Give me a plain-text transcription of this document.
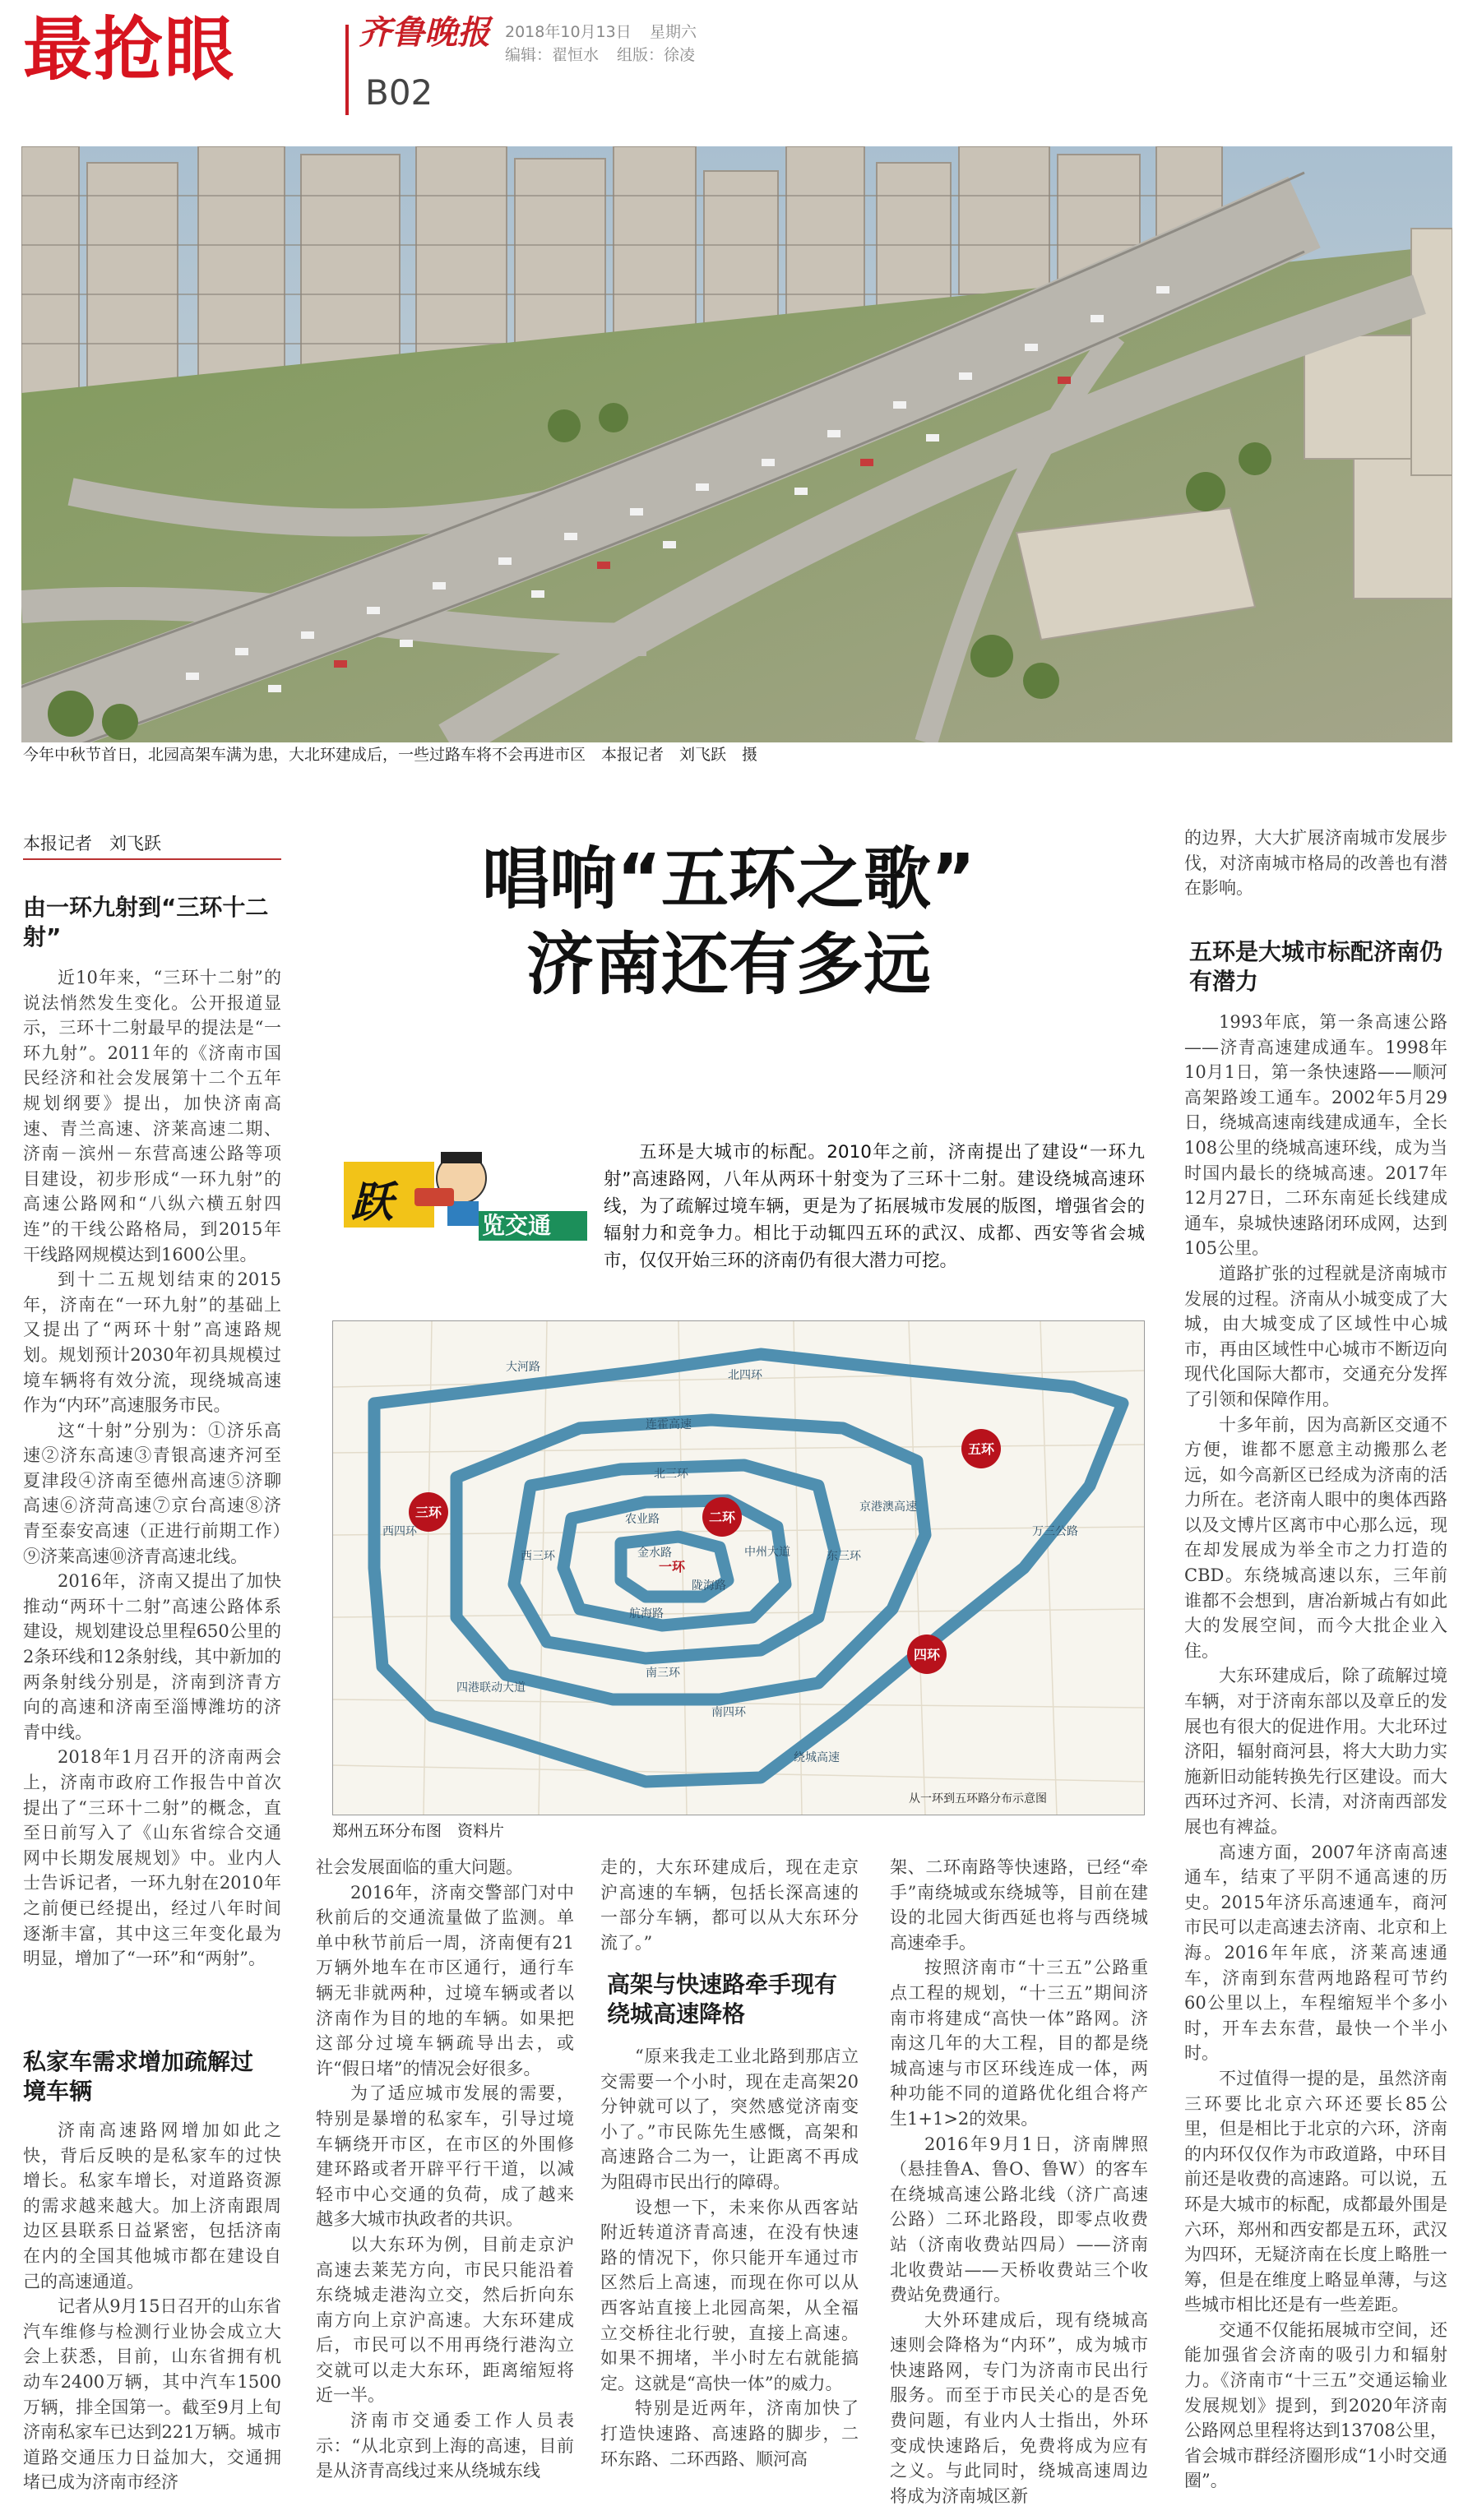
最抢眼	齐鲁晚报
B02
2018年10月13日 星期六
编辑：翟恒水 组版：徐凌
今年中秋节首日，北园高架车满为患，大北环建成后，一些过路车将不会再进市区　本报记者　刘飞跃　摄
本报记者　刘飞跃
由一环九射到“三环十二射”

近10年来，“三环十二射”的说法悄然发生变化。公开报道显示，三环十二射最早的提法是“一环九射”。2011年的《济南市国民经济和社会发展第十二个五年规划纲要》提出，加快济南高速、青兰高速、济莱高速二期、济南－滨州－东营高速公路等项目建设，初步形成“一环九射”的高速公路网和“八纵六横五射四连”的干线公路格局，到2015年干线路网规模达到1600公里。

到十二五规划结束的2015年，济南在“一环九射”的基础上又提出了“两环十射”高速路规划。规划预计2030年初具规模过境车辆将有效分流，现绕城高速作为“内环”高速服务市民。

这“十射”分别为：①济乐高速②济东高速③青银高速齐河至夏津段④济南至德州高速⑤济聊高速⑥济菏高速⑦京台高速⑧济青至泰安高速（正进行前期工作）⑨济莱高速⑩济青高速北线。

2016年，济南又提出了加快推动“两环十二射”高速公路体系建设，规划建设总里程650公里的2条环线和12条射线，其中新加的两条射线分别是，济南到济青方向的高速和济南至淄博潍坊的济青中线。

2018年1月召开的济南两会上，济南市政府工作报告中首次提出了“三环十二射”的概念，直至日前写入了《山东省综合交通网中长期发展规划》中。业内人士告诉记者，一环九射在2010年之前便已经提出，经过八年时间逐渐丰富，其中这三年变化最为明显，增加了“一环”和“两射”。

私家车需求增加疏解过境车辆

济南高速路网增加如此之快，背后反映的是私家车的过快增长。私家车增长，对道路资源的需求越来越大。加上济南跟周边区县联系日益紧密，包括济南在内的全国其他城市都在建设自己的高速通道。

记者从9月15日召开的山东省汽车维修与检测行业协会成立大会上获悉，目前，山东省拥有机动车2400万辆，其中汽车1500万辆，排全国第一。截至9月上旬济南私家车已达到221万辆。城市道路交通压力日益加大，交通拥堵已成为济南市经济

唱响“五环之歌”
济南还有多远
跃	览交通
五环是大城市的标配。2010年之前，济南提出了建设“一环九射”高速路网，八年从两环十射变为了三环十二射。建设绕城高速环线，为了疏解过境车辆，更是为了拓展城市发展的版图，增强省会的辐射力和竞争力。相比于动辄四五环的武汉、成都、西安等省会城市，仅仅开始三环的济南仍有很大潜力可挖。
三环	二环
五环
四环
一环
大河路
连霍高速
北三环
西三环	东三环
南三环
农业路
航海路
金水路
陇海路
中州大道
京港澳高速
万三公路
南四环
四港联动大道
绕城高速
西四环
北四环
从一环到五环路分布示意图
郑州五环分布图　资料片

社会发展面临的重大问题。

2016年，济南交警部门对中秋前后的交通流量做了监测。单单中秋节前后一周，济南便有21万辆外地车在市区通行，通行车辆无非就两种，过境车辆或者以济南作为目的地的车辆。如果把这部分过境车辆疏导出去，或许“假日堵”的情况会好很多。

为了适应城市发展的需要，特别是暴增的私家车，引导过境车辆绕开市区，在市区的外围修建环路或者开辟平行干道，以减轻市中心交通的负荷，成了越来越多大城市执政者的共识。

以大东环为例，目前走京沪高速去莱芜方向，市民只能沿着东绕城走港沟立交，然后折向东南方向上京沪高速。大东环建成后，市民可以不用再绕行港沟立交就可以走大东环，距离缩短将近一半。

济南市交通委工作人员表示：“从北京到上海的高速，目前是从济青高线过来从绕城东线

走的，大东环建成后，现在走京沪高速的车辆，包括长深高速的一部分车辆，都可以从大东环分流了。”

高架与快速路牵手现有绕城高速降格

“原来我走工业北路到那店立交需要一个小时，现在走高架20分钟就可以了，突然感觉济南变小了。”市民陈先生感慨，高架和高速路合二为一，让距离不再成为阻碍市民出行的障碍。

设想一下，未来你从西客站附近转道济青高速，在没有快速路的情况下，你只能开车通过市区然后上高速，而现在你可以从西客站直接上北园高架，从全福立交桥往北行驶，直接上高速。如果不拥堵，半小时左右就能搞定。这就是“高快一体”的威力。

特别是近两年，济南加快了打造快速路、高速路的脚步，二环东路、二环西路、顺河高

架、二环南路等快速路，已经“牵手”南绕城或东绕城等，目前在建设的北园大街西延也将与西绕城高速牵手。

按照济南市“十三五”公路重点工程的规划，“十三五”期间济南市将建成“高快一体”路网。济南这几年的大工程，目的都是绕城高速与市区环线连成一体，两种功能不同的道路优化组合将产生1+1>2的效果。

2016年9月1日，济南牌照（悬挂鲁A、鲁O、鲁W）的客车在绕城高速公路北线（济广高速公路）二环北路段，即零点收费站（济南收费站四局）——济南北收费站——天桥收费站三个收费站免费通行。

大外环建成后，现有绕城高速则会降格为“内环”，成为城市快速路网，专门为济南市民出行服务。而至于市民关心的是否免费问题，有业内人士指出，外环变成快速路后，免费将成为应有之义。与此同时，绕城高速周边将成为济南城区新

的边界，大大扩展济南城市发展步伐，对济南城市格局的改善也有潜在影响。

五环是大城市标配济南仍有潜力

1993年底，第一条高速公路——济青高速建成通车。1998年10月1日，第一条快速路——顺河高架路竣工通车。2002年5月29日，绕城高速南线建成通车，全长108公里的绕城高速环线，成为当时国内最长的绕城高速。2017年12月27日，二环东南延长线建成通车，泉城快速路闭环成网，达到105公里。

道路扩张的过程就是济南城市发展的过程。济南从小城变成了大城，由大城变成了区域性中心城市，再由区域性中心城市不断迈向现代化国际大都市，交通充分发挥了引领和保障作用。

十多年前，因为高新区交通不方便，谁都不愿意主动搬那么老远，如今高新区已经成为济南的活力所在。老济南人眼中的奥体西路以及文博片区离市中心那么远，现在却发展成为举全市之力打造的CBD。东绕城高速以东，三年前谁都不会想到，唐冶新城占有如此大的发展空间，而今大批企业入住。

大东环建成后，除了疏解过境车辆，对于济南东部以及章丘的发展也有很大的促进作用。大北环过济阳，辐射商河县，将大大助力实施新旧动能转换先行区建设。而大西环过齐河、长清，对济南西部发展也有裨益。

高速方面，2007年济南高速通车，结束了平阴不通高速的历史。2015年济乐高速通车，商河市民可以走高速去济南、北京和上海。2016年年底，济莱高速通车，济南到东营两地路程可节约60公里以上，车程缩短半个多小时，开车去东营，最快一个半小时。

不过值得一提的是，虽然济南三环要比北京六环还要长85公里，但是相比于北京的六环，济南的内环仅仅作为市政道路，中环目前还是收费的高速路。可以说，五环是大城市的标配，成都最外围是六环，郑州和西安都是五环，武汉为四环，无疑济南在长度上略胜一筹，但是在维度上略显单薄，与这些城市相比还是有一些差距。

交通不仅能拓展城市空间，还能加强省会济南的吸引力和辐射力。《济南市“十三五”交通运输业发展规划》提到，到2020年济南公路网总里程将达到13708公里，省会城市群经济圈形成“1小时交通圈”。
